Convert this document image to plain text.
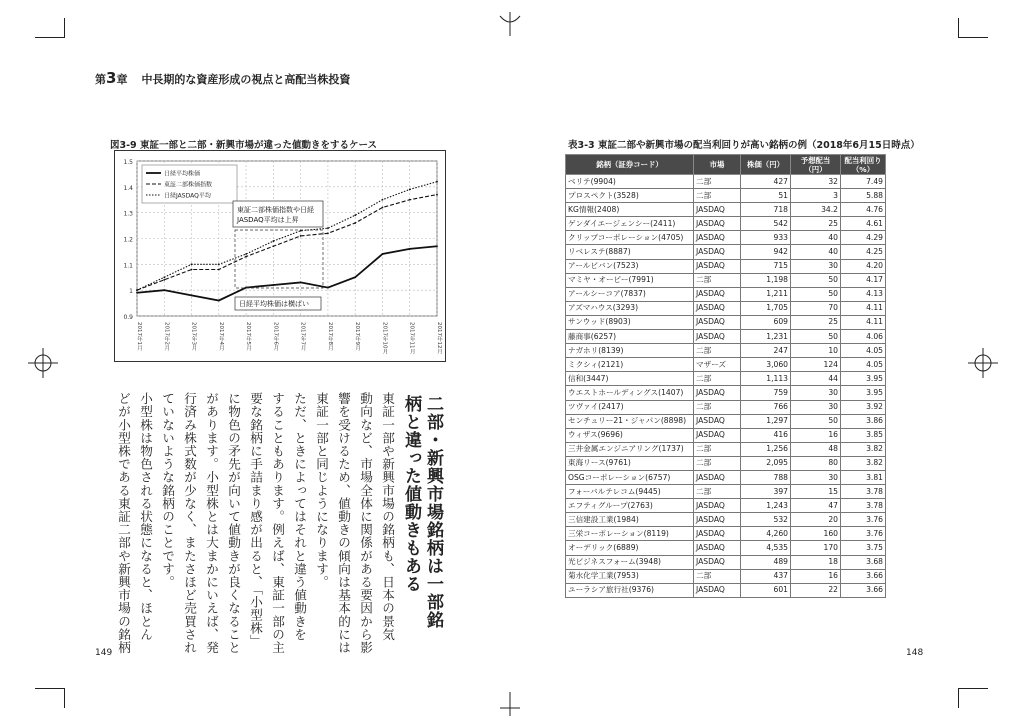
第3章 中長期的な資産形成の視点と高配当株投資
図3-9 東証一部と二部・新興市場が違った値動きをするケース
1.5
1.4
1.3
1.2
1.1
1
0.9
2017年1月	2017年2月	2017年3月	2017年4月	2017年5月	2017年6月	2017年7月	2017年8月	2017年9月	2017年10月	2017年11月	2017年12月
日経平均株価
東証二部株価指数
日経JASDAQ平均
東証二部株価指数や日経
JASDAQ平均は上昇
日経平均株価は横ばい
表3-3 東証二部や新興市場の配当利回りが高い銘柄の例（2018年6月15日時点）
銘柄（証券コード）	市場	株価（円）	予想配当（円）	配当利回り（%）
ベリテ(9904)	二部	427	32	7.49
プロスペクト(3528)	二部	51	3	5.88
KG情報(2408)	JASDAQ	718	34.2	4.76
ゲンダイエージェンシー(2411)	JASDAQ	542	25	4.61
クリップコーポレーション(4705)	JASDAQ	933	40	4.29
リベレステ(8887)	JASDAQ	942	40	4.25
アールビバン(7523)	JASDAQ	715	30	4.20
マミヤ・オーピー(7991)	二部	1,198	50	4.17
アールシーコア(7837)	JASDAQ	1,211	50	4.13
アズマハウス(3293)	JASDAQ	1,705	70	4.11
サンウッド(8903)	JASDAQ	609	25	4.11
藤商事(6257)	JASDAQ	1,231	50	4.06
ナガホリ(8139)	二部	247	10	4.05
ミクシィ(2121)	マザーズ	3,060	124	4.05
信和(3447)	二部	1,113	44	3.95
ウエストホールディングス(1407)	JASDAQ	759	30	3.95
ツヴァイ(2417)	二部	766	30	3.92
センチュリー21・ジャパン(8898)	JASDAQ	1,297	50	3.86
ウィザス(9696)	JASDAQ	416	16	3.85
三井金属エンジニアリング(1737)	二部	1,256	48	3.82
東海リース(9761)	二部	2,095	80	3.82
OSGコーポレーション(6757)	JASDAQ	788	30	3.81
フォーバルテレコム(9445)	二部	397	15	3.78
エフティグループ(2763)	JASDAQ	1,243	47	3.78
三信建設工業(1984)	JASDAQ	532	20	3.76
三栄コーポレーション(8119)	JASDAQ	4,260	160	3.76
オーデリック(6889)	JASDAQ	4,535	170	3.75
光ビジネスフォーム(3948)	JASDAQ	489	18	3.68
菊水化学工業(7953)	二部	437	16	3.66
ユーラシア旅行社(9376)	JASDAQ	601	22	3.66
二部・新興市場銘柄は一部銘
柄と違った値動きもある
東証一部や新興市場の銘柄も、日本の景気
動向など、市場全体に関係がある要因から影
響を受けるため、値動きの傾向は基本的には
東証一部と同じようになります。
ただ、ときによってはそれと違う値動きを
することもあります。例えば、東証一部の主
要な銘柄に手詰まり感が出ると、「小型株」
に物色の矛先が向いて値動きが良くなること
があります。小型株とは大まかにいえば、発
行済み株式数が少なく、またさほど売買され
ていないような銘柄のことです。
小型株は物色される状態になると、ほとん
どが小型株である東証二部や新興市場の銘柄
149	148
